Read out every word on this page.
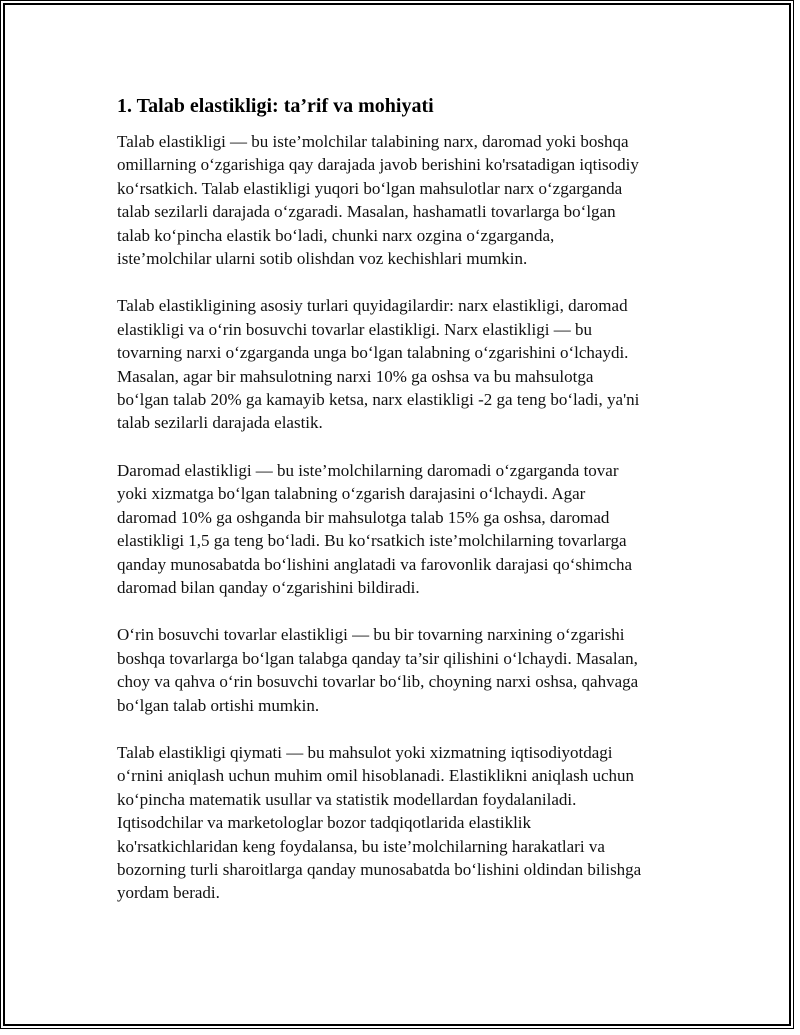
1. Talab elastikligi: ta’rif va mohiyati

Talab elastikligi — bu iste’molchilar talabining narx, daromad yoki boshqa
omillarning o‘zgarishiga qay darajada javob berishini ko'rsatadigan iqtisodiy
ko‘rsatkich. Talab elastikligi yuqori bo‘lgan mahsulotlar narx o‘zgarganda
talab sezilarli darajada o‘zgaradi. Masalan, hashamatli tovarlarga bo‘lgan
talab ko‘pincha elastik bo‘ladi, chunki narx ozgina o‘zgarganda,
iste’molchilar ularni sotib olishdan voz kechishlari mumkin.

Talab elastikligining asosiy turlari quyidagilardir: narx elastikligi, daromad
elastikligi va o‘rin bosuvchi tovarlar elastikligi. Narx elastikligi — bu
tovarning narxi o‘zgarganda unga bo‘lgan talabning o‘zgarishini o‘lchaydi.
Masalan, agar bir mahsulotning narxi 10% ga oshsa va bu mahsulotga
bo‘lgan talab 20% ga kamayib ketsa, narx elastikligi -2 ga teng bo‘ladi, ya'ni
talab sezilarli darajada elastik.

Daromad elastikligi — bu iste’molchilarning daromadi o‘zgarganda tovar
yoki xizmatga bo‘lgan talabning o‘zgarish darajasini o‘lchaydi. Agar
daromad 10% ga oshganda bir mahsulotga talab 15% ga oshsa, daromad
elastikligi 1,5 ga teng bo‘ladi. Bu ko‘rsatkich iste’molchilarning tovarlarga
qanday munosabatda bo‘lishini anglatadi va farovonlik darajasi qo‘shimcha
daromad bilan qanday o‘zgarishini bildiradi.

O‘rin bosuvchi tovarlar elastikligi — bu bir tovarning narxining o‘zgarishi
boshqa tovarlarga bo‘lgan talabga qanday ta’sir qilishini o‘lchaydi. Masalan,
choy va qahva o‘rin bosuvchi tovarlar bo‘lib, choyning narxi oshsa, qahvaga
bo‘lgan talab ortishi mumkin.

Talab elastikligi qiymati — bu mahsulot yoki xizmatning iqtisodiyotdagi
o‘rnini aniqlash uchun muhim omil hisoblanadi. Elastiklikni aniqlash uchun
ko‘pincha matematik usullar va statistik modellardan foydalaniladi.
Iqtisodchilar va marketologlar bozor tadqiqotlarida elastiklik
ko'rsatkichlaridan keng foydalansa, bu iste’molchilarning harakatlari va
bozorning turli sharoitlarga qanday munosabatda bo‘lishini oldindan bilishga
yordam beradi.
